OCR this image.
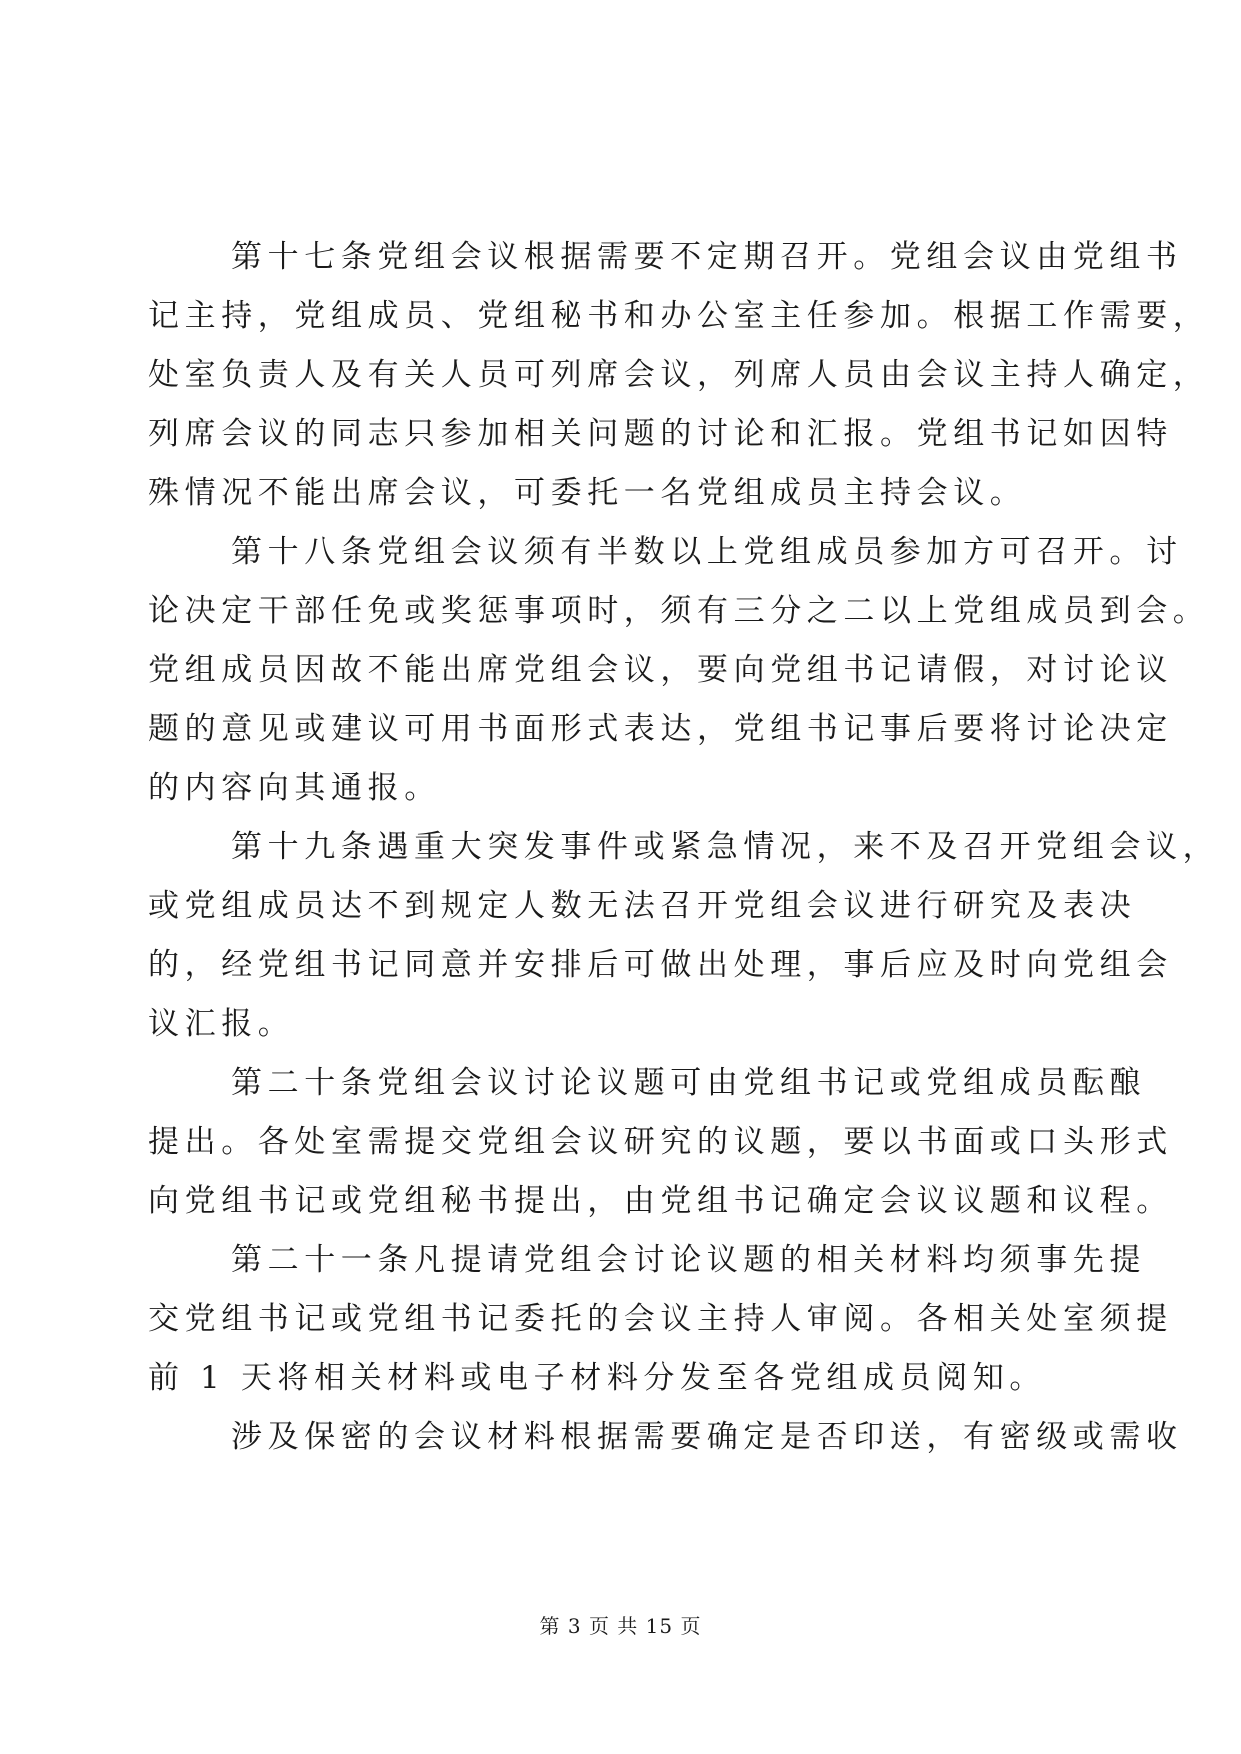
第十七条党组会议根据需要不定期召开。党组会议由党组书
记主持，党组成员、党组秘书和办公室主任参加。根据工作需要，
处室负责人及有关人员可列席会议，列席人员由会议主持人确定，
列席会议的同志只参加相关问题的讨论和汇报。党组书记如因特
殊情况不能出席会议，可委托一名党组成员主持会议。
第十八条党组会议须有半数以上党组成员参加方可召开。讨
论决定干部任免或奖惩事项时，须有三分之二以上党组成员到会。
党组成员因故不能出席党组会议，要向党组书记请假，对讨论议
题的意见或建议可用书面形式表达，党组书记事后要将讨论决定
的内容向其通报。
第十九条遇重大突发事件或紧急情况，来不及召开党组会议，
或党组成员达不到规定人数无法召开党组会议进行研究及表决
的，经党组书记同意并安排后可做出处理，事后应及时向党组会
议汇报。
第二十条党组会议讨论议题可由党组书记或党组成员酝酿
提出。各处室需提交党组会议研究的议题，要以书面或口头形式
向党组书记或党组秘书提出，由党组书记确定会议议题和议程。
第二十一条凡提请党组会讨论议题的相关材料均须事先提
交党组书记或党组书记委托的会议主持人审阅。各相关处室须提
前 1 天将相关材料或电子材料分发至各党组成员阅知。
涉及保密的会议材料根据需要确定是否印送，有密级或需收
第 3 页 共 15 页
